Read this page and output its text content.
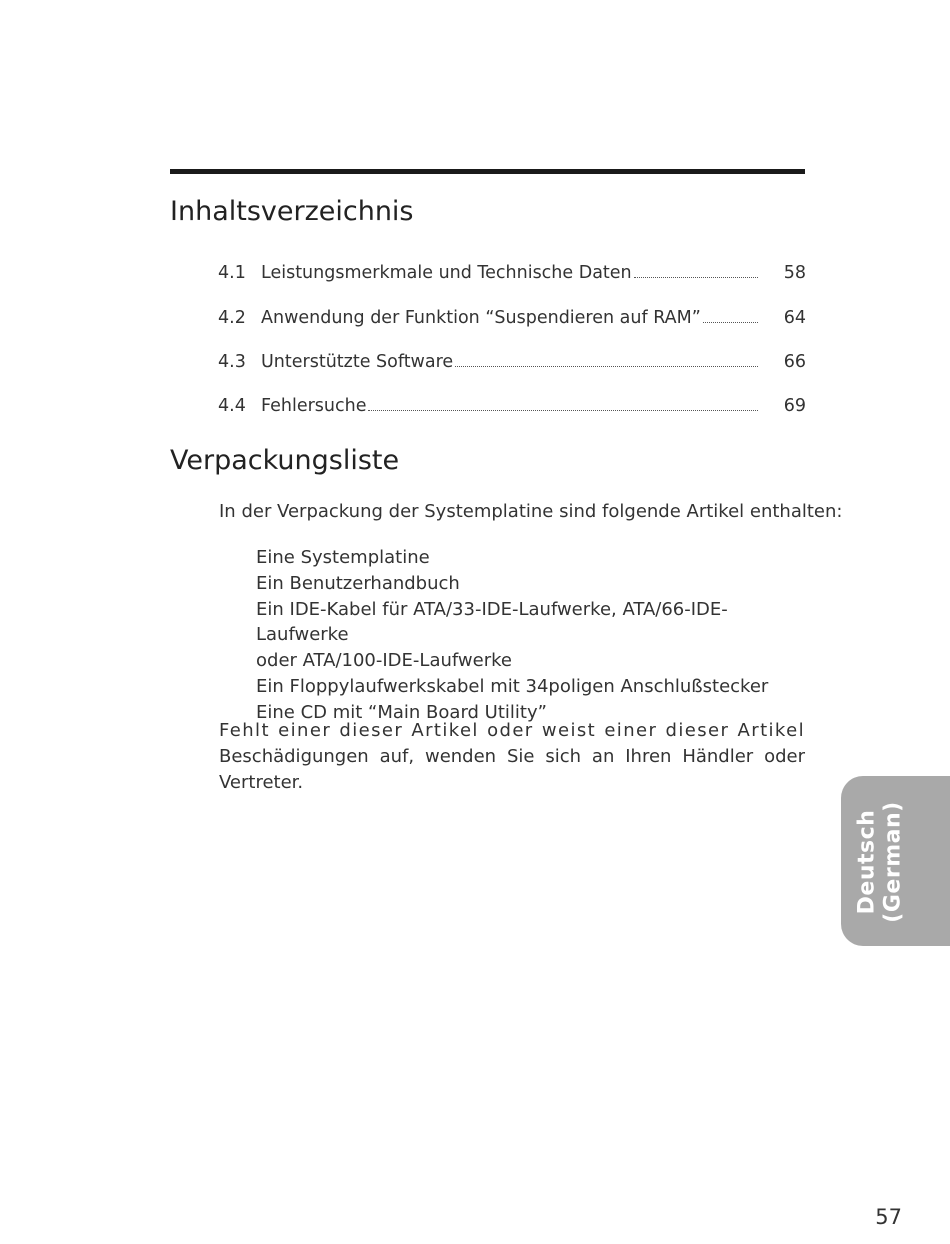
Inhaltsverzeichnis
4.1 Leistungsmerkmale und Technische Daten	58
4.2 Anwendung der Funktion “Suspendieren auf RAM”	64
4.3 Unterstützte Software	66
4.4 Fehlersuche	69
Verpackungsliste

In der Verpackung der Systemplatine sind folgende Artikel enthalten:

Eine Systemplatine
Ein Benutzerhandbuch
Ein IDE-Kabel für ATA/33-IDE-Laufwerke, ATA/66-IDE-Laufwerke
oder ATA/100-IDE-Laufwerke
Ein Floppylaufwerkskabel mit 34poligen Anschlußstecker
Eine CD mit “Main Board Utility”

Fehlt einer dieser Artikel oder weist einer dieser Artikel
Beschädigungen auf, wenden Sie sich an Ihren Händler oder Vertreter.

Deutsch (German)
57
